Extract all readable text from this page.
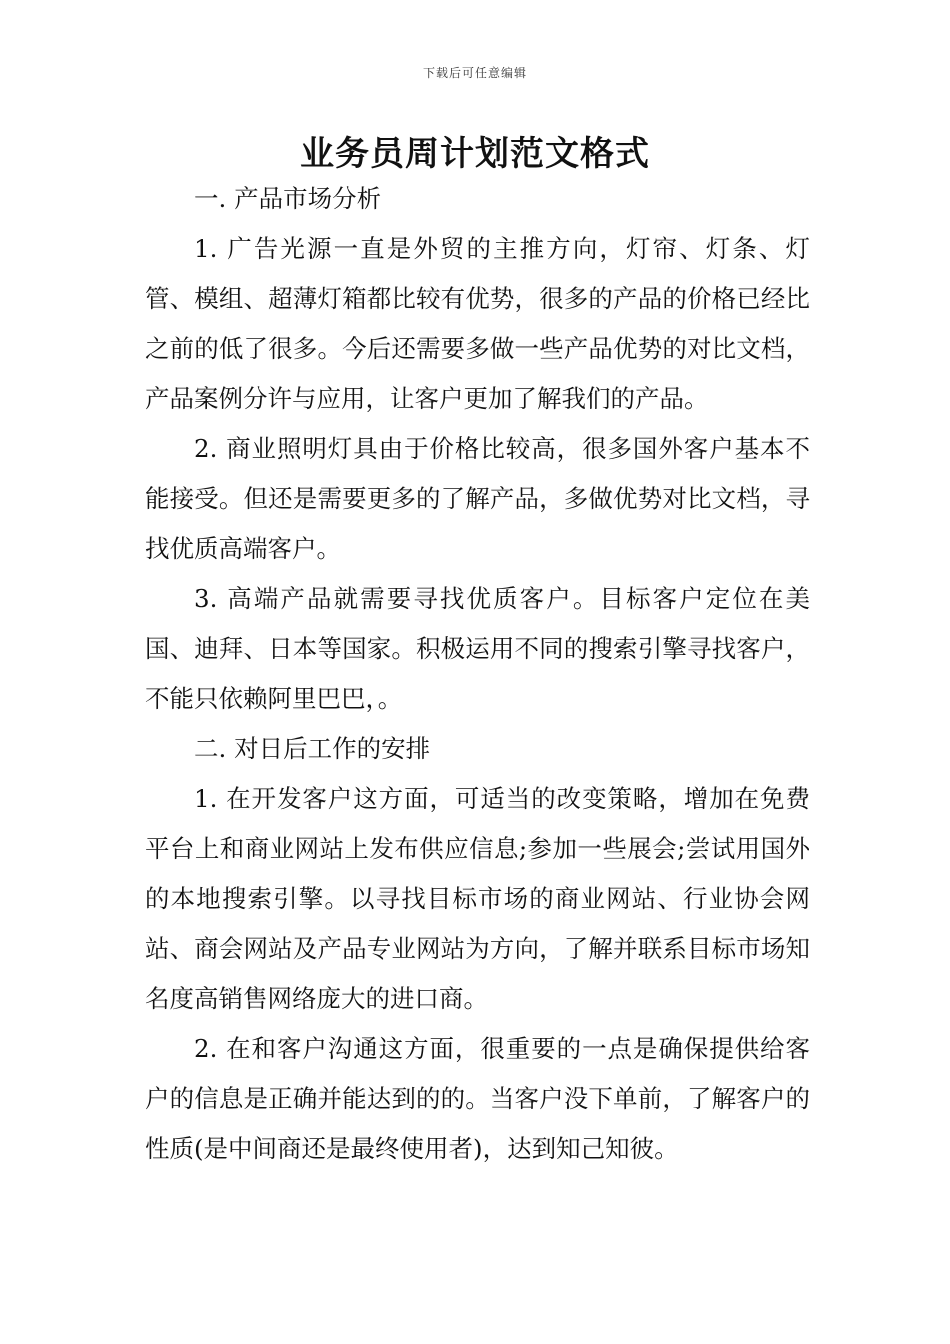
下载后可任意编辑
业务员周计划范文格式

一. 产品市场分析

1. 广告光源一直是外贸的主推方向，灯帘、灯条、灯管、模组、超薄灯箱都比较有优势，很多的产品的价格已经比之前的低了很多。今后还需要多做一些产品优势的对比文档，产品案例分许与应用，让客户更加了解我们的产品。

2. 商业照明灯具由于价格比较高，很多国外客户基本不能接受。但还是需要更多的了解产品，多做优势对比文档，寻找优质高端客户。

3. 高端产品就需要寻找优质客户。目标客户定位在美国、迪拜、日本等国家。积极运用不同的搜索引擎寻找客户，不能只依赖阿里巴巴，。

二. 对日后工作的安排

1. 在开发客户这方面，可适当的改变策略，增加在免费平台上和商业网站上发布供应信息;参加一些展会;尝试用国外的本地搜索引擎。以寻找目标市场的商业网站、行业协会网站、商会网站及产品专业网站为方向，了解并联系目标市场知名度高销售网络庞大的进口商。

2. 在和客户沟通这方面，很重要的一点是确保提供给客户的信息是正确并能达到的的。当客户没下单前，了解客户的性质(是中间商还是最终使用者)，达到知己知彼。
